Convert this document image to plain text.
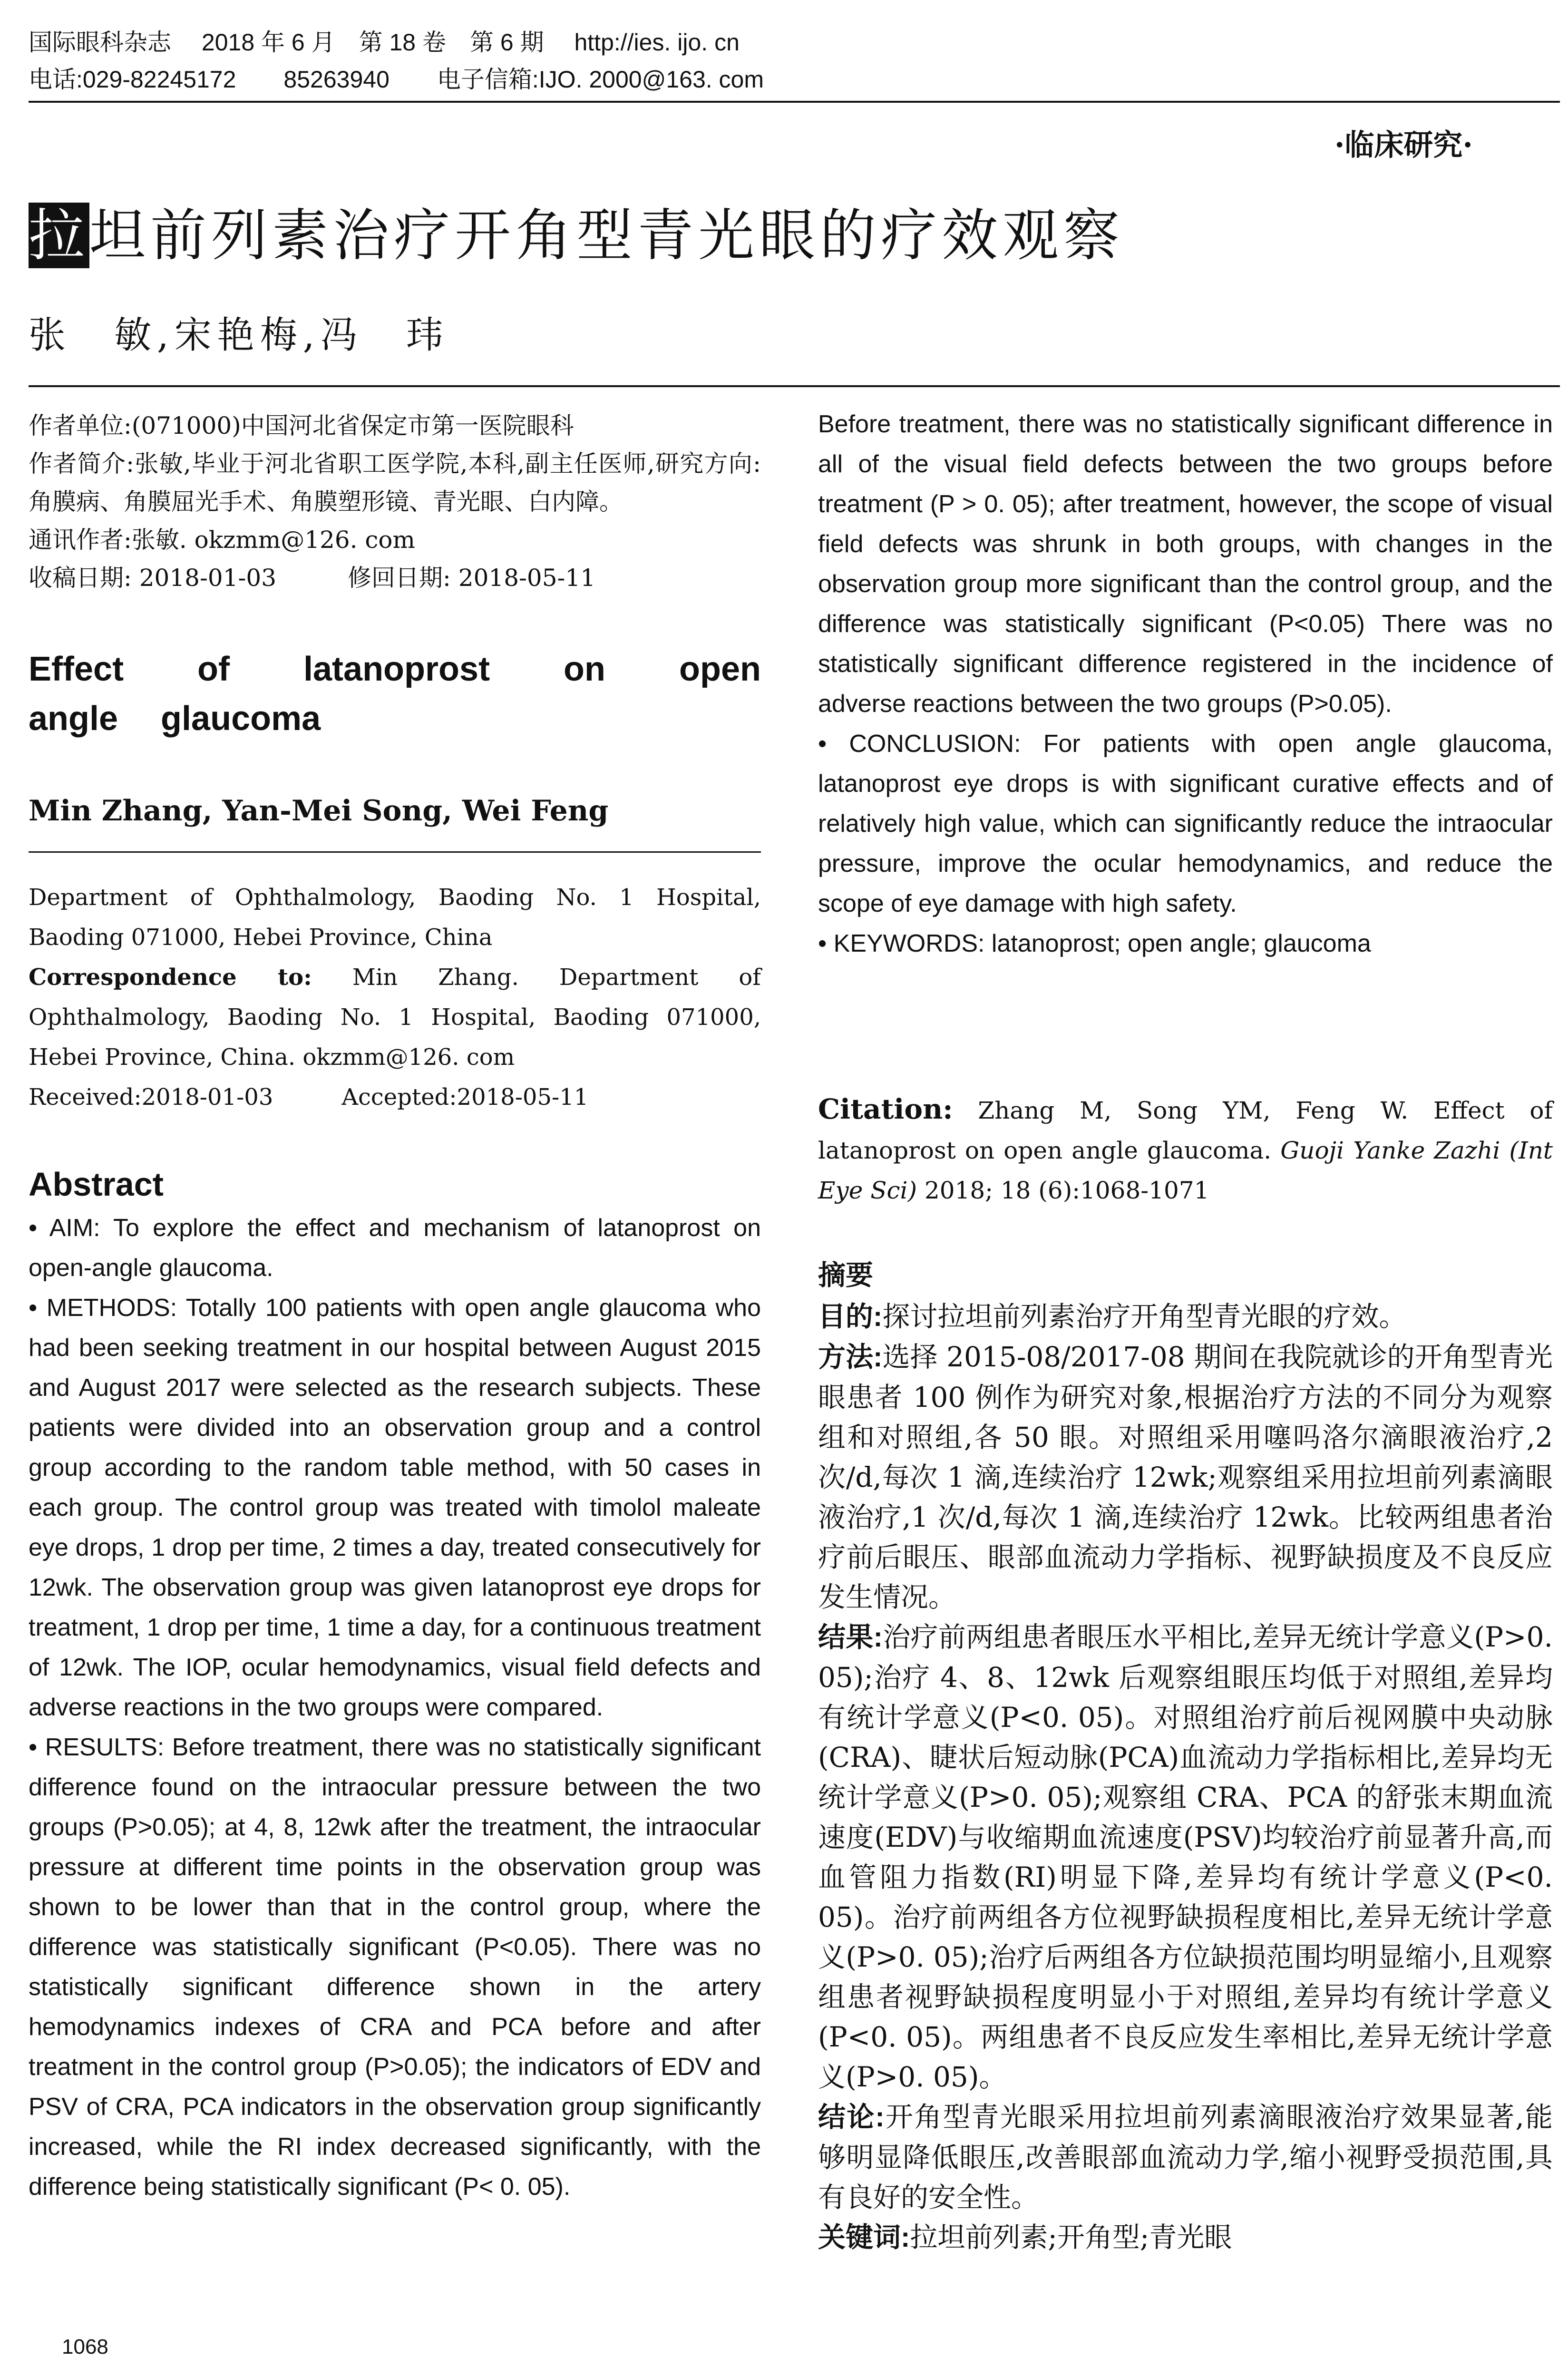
国际眼科杂志　 2018 年 6 月　第 18 卷　第 6 期　 http://ies. ijo. cn
电话:029-82245172　　85263940　　电子信箱:IJO. 2000@163. com
·临床研究·
拉坦前列素治疗开角型青光眼的疗效观察
张　敏,宋艳梅,冯　玮

作者单位:(071000)中国河北省保定市第一医院眼科

作者简介:张敏,毕业于河北省职工医学院,本科,副主任医师,研究方向:角膜病、角膜屈光手术、角膜塑形镜、青光眼、白内障。

通讯作者:张敏. okzmm@126. com

收稿日期: 2018-01-03　　　	修回日期: 2018-05-11

Effect of latanoprost on open angle glaucoma
Min Zhang, Yan-Mei Song, Wei Feng

Department of Ophthalmology, Baoding No. 1 Hospital, Baoding 071000, Hebei Province, China

Correspondence to: Min Zhang. Department of Ophthalmology, Baoding No. 1 Hospital, Baoding 071000, Hebei Province, China. okzmm@126. com

Received:2018-01-03　　　	Accepted:2018-05-11

Abstract

• AIM: To explore the effect and mechanism of latanoprost on open-angle glaucoma.

• METHODS: Totally 100 patients with open angle glaucoma who had been seeking treatment in our hospital between August 2015 and August 2017 were selected as the research subjects. These patients were divided into an observation group and a control group according to the random table method, with 50 cases in each group. The control group was treated with timolol maleate eye drops, 1 drop per time, 2 times a day, treated consecutively for 12wk. The observation group was given latanoprost eye drops for treatment, 1 drop per time, 1 time a day, for a continuous treatment of 12wk. The IOP, ocular hemodynamics, visual field defects and adverse reactions in the two groups were compared.

• RESULTS: Before treatment, there was no statistically significant difference found on the intraocular pressure between the two groups (P>0.05); at 4, 8, 12wk after the treatment, the intraocular pressure at different time points in the observation group was shown to be lower than that in the control group, where the difference was statistically significant (P<0.05). There was no statistically significant difference shown in the artery hemodynamics indexes of CRA and PCA before and after treatment in the control group (P>0.05); the indicators of EDV and PSV of CRA, PCA indicators in the observation group significantly increased, while the RI index decreased significantly, with the difference being statistically significant (P< 0. 05).

1068

Before treatment, there was no statistically significant difference in all of the visual field defects between the two groups before treatment (P > 0. 05); after treatment, however, the scope of visual field defects was shrunk in both groups, with changes in the observation group more significant than the control group, and the difference was statistically significant (P<0.05) There was no statistically significant difference registered in the incidence of adverse reactions between the two groups (P>0.05).

• CONCLUSION: For patients with open angle glaucoma, latanoprost eye drops is with significant curative effects and of relatively high value, which can significantly reduce the intraocular pressure, improve the ocular hemodynamics, and reduce the scope of eye damage with high safety.

• KEYWORDS: latanoprost; open angle; glaucoma

Citation: Zhang M, Song YM, Feng W. Effect of latanoprost on open angle glaucoma. Guoji Yanke Zazhi (Int Eye Sci) 2018; 18 (6):1068-1071
摘要

目的:探讨拉坦前列素治疗开角型青光眼的疗效。

方法:选择 2015-08/2017-08 期间在我院就诊的开角型青光眼患者 100 例作为研究对象,根据治疗方法的不同分为观察组和对照组,各 50 眼。对照组采用噻吗洛尔滴眼液治疗,2 次/d,每次 1 滴,连续治疗 12wk;观察组采用拉坦前列素滴眼液治疗,1 次/d,每次 1 滴,连续治疗 12wk。比较两组患者治疗前后眼压、眼部血流动力学指标、视野缺损度及不良反应发生情况。

结果:治疗前两组患者眼压水平相比,差异无统计学意义(P>0. 05);治疗 4、8、12wk 后观察组眼压均低于对照组,差异均有统计学意义(P<0. 05)。对照组治疗前后视网膜中央动脉(CRA)、睫状后短动脉(PCA)血流动力学指标相比,差异均无统计学意义(P>0. 05);观察组 CRA、PCA 的舒张末期血流速度(EDV)与收缩期血流速度(PSV)均较治疗前显著升高,而血管阻力指数(RI)明显下降,差异均有统计学意义(P<0. 05)。治疗前两组各方位视野缺损程度相比,差异无统计学意义(P>0. 05);治疗后两组各方位缺损范围均明显缩小,且观察组患者视野缺损程度明显小于对照组,差异均有统计学意义(P<0. 05)。两组患者不良反应发生率相比,差异无统计学意义(P>0. 05)。

结论:开角型青光眼采用拉坦前列素滴眼液治疗效果显著,能够明显降低眼压,改善眼部血流动力学,缩小视野受损范围,具有良好的安全性。

关键词:拉坦前列素;开角型;青光眼
